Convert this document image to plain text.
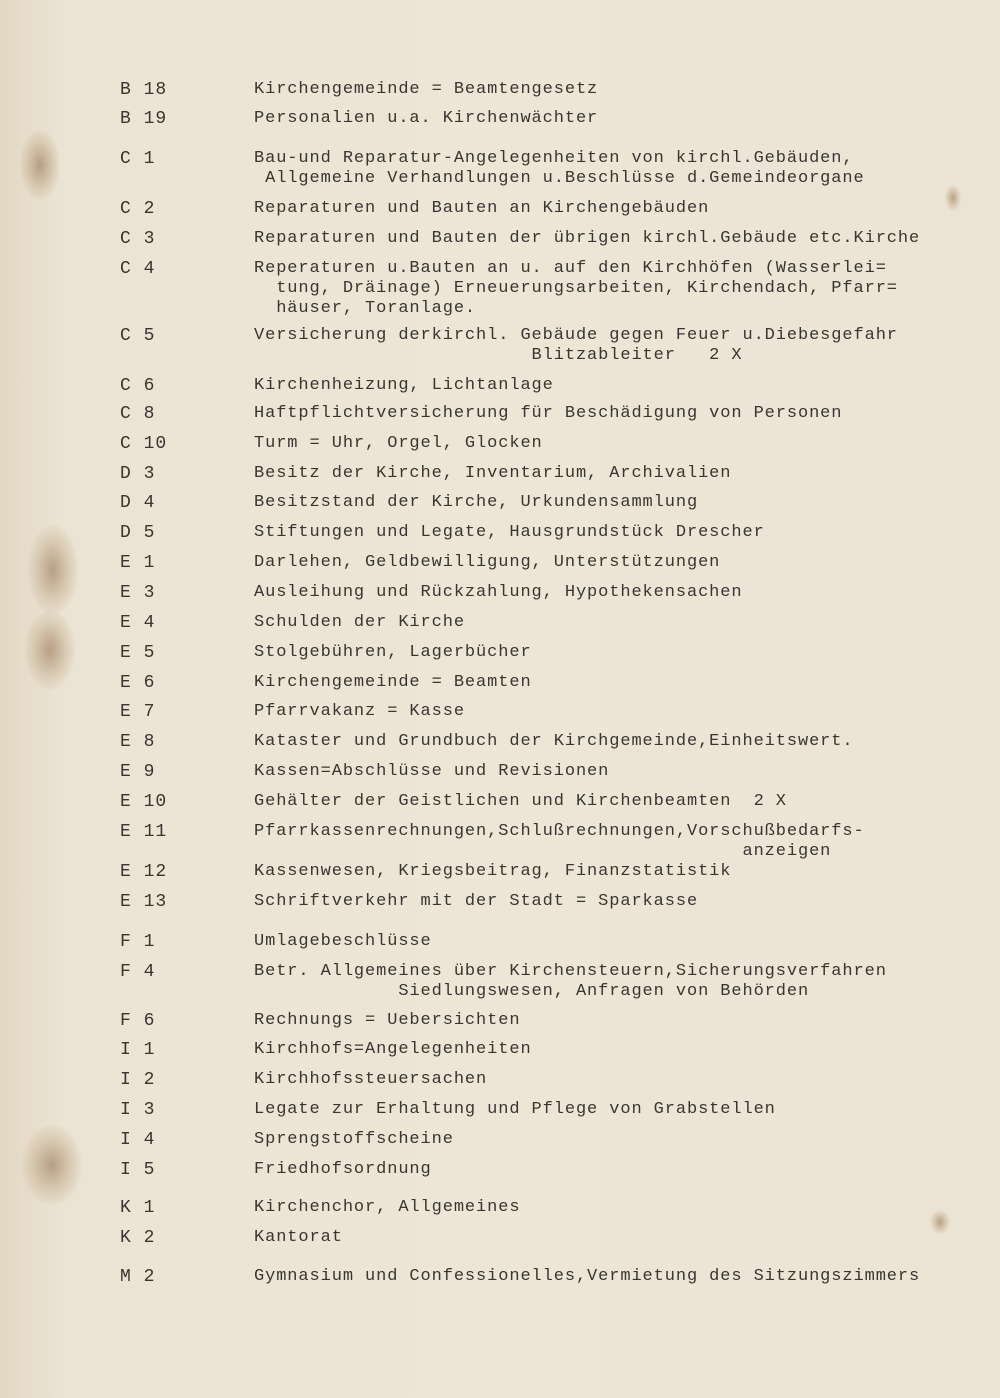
B 18	Kirchengemeinde = Beamtengesetz
B 19	Personalien u.a. Kirchenwächter
C 1	Bau-und Reparatur-Angelegenheiten von kirchl.Gebäuden,
Allgemeine Verhandlungen u.Beschlüsse d.Gemeindeorgane
C 2	Reparaturen und Bauten an Kirchengebäuden
C 3	Reparaturen und Bauten der übrigen kirchl.Gebäude etc.Kirche
C 4	Reperaturen u.Bauten an u. auf den Kirchhöfen (Wasserlei=
tung, Dräinage) Erneuerungsarbeiten, Kirchendach, Pfarr=
häuser, Toranlage.
C 5	Versicherung derkirchl. Gebäude gegen Feuer u.Diebesgefahr
Blitzableiter   2 X
C 6	Kirchenheizung, Lichtanlage
C 8	Haftpflichtversicherung für Beschädigung von Personen
C 10	Turm = Uhr, Orgel, Glocken
D 3	Besitz der Kirche, Inventarium, Archivalien
D 4	Besitzstand der Kirche, Urkundensammlung
D 5	Stiftungen und Legate, Hausgrundstück Drescher
E 1	Darlehen, Geldbewilligung, Unterstützungen
E 3	Ausleihung und Rückzahlung, Hypothekensachen
E 4	Schulden der Kirche
E 5	Stolgebühren, Lagerbücher
E 6	Kirchengemeinde = Beamten
E 7	Pfarrvakanz = Kasse
E 8	Kataster und Grundbuch der Kirchgemeinde,Einheitswert.
E 9	Kassen=Abschlüsse und Revisionen
E 10	Gehälter der Geistlichen und Kirchenbeamten  2 X
E 11	Pfarrkassenrechnungen,Schlußrechnungen,Vorschußbedarfs-
anzeigen
E 12	Kassenwesen, Kriegsbeitrag, Finanzstatistik
E 13	Schriftverkehr mit der Stadt = Sparkasse
F 1	Umlagebeschlüsse
F 4	Betr. Allgemeines über Kirchensteuern,Sicherungsverfahren
Siedlungswesen, Anfragen von Behörden
F 6	Rechnungs = Uebersichten
I 1	Kirchhofs=Angelegenheiten
I 2	Kirchhofssteuersachen
I 3	Legate zur Erhaltung und Pflege von Grabstellen
I 4	Sprengstoffscheine
I 5	Friedhofsordnung
K 1	Kirchenchor, Allgemeines
K 2	Kantorat
M 2	Gymnasium und Confessionelles,Vermietung des Sitzungszimmers
